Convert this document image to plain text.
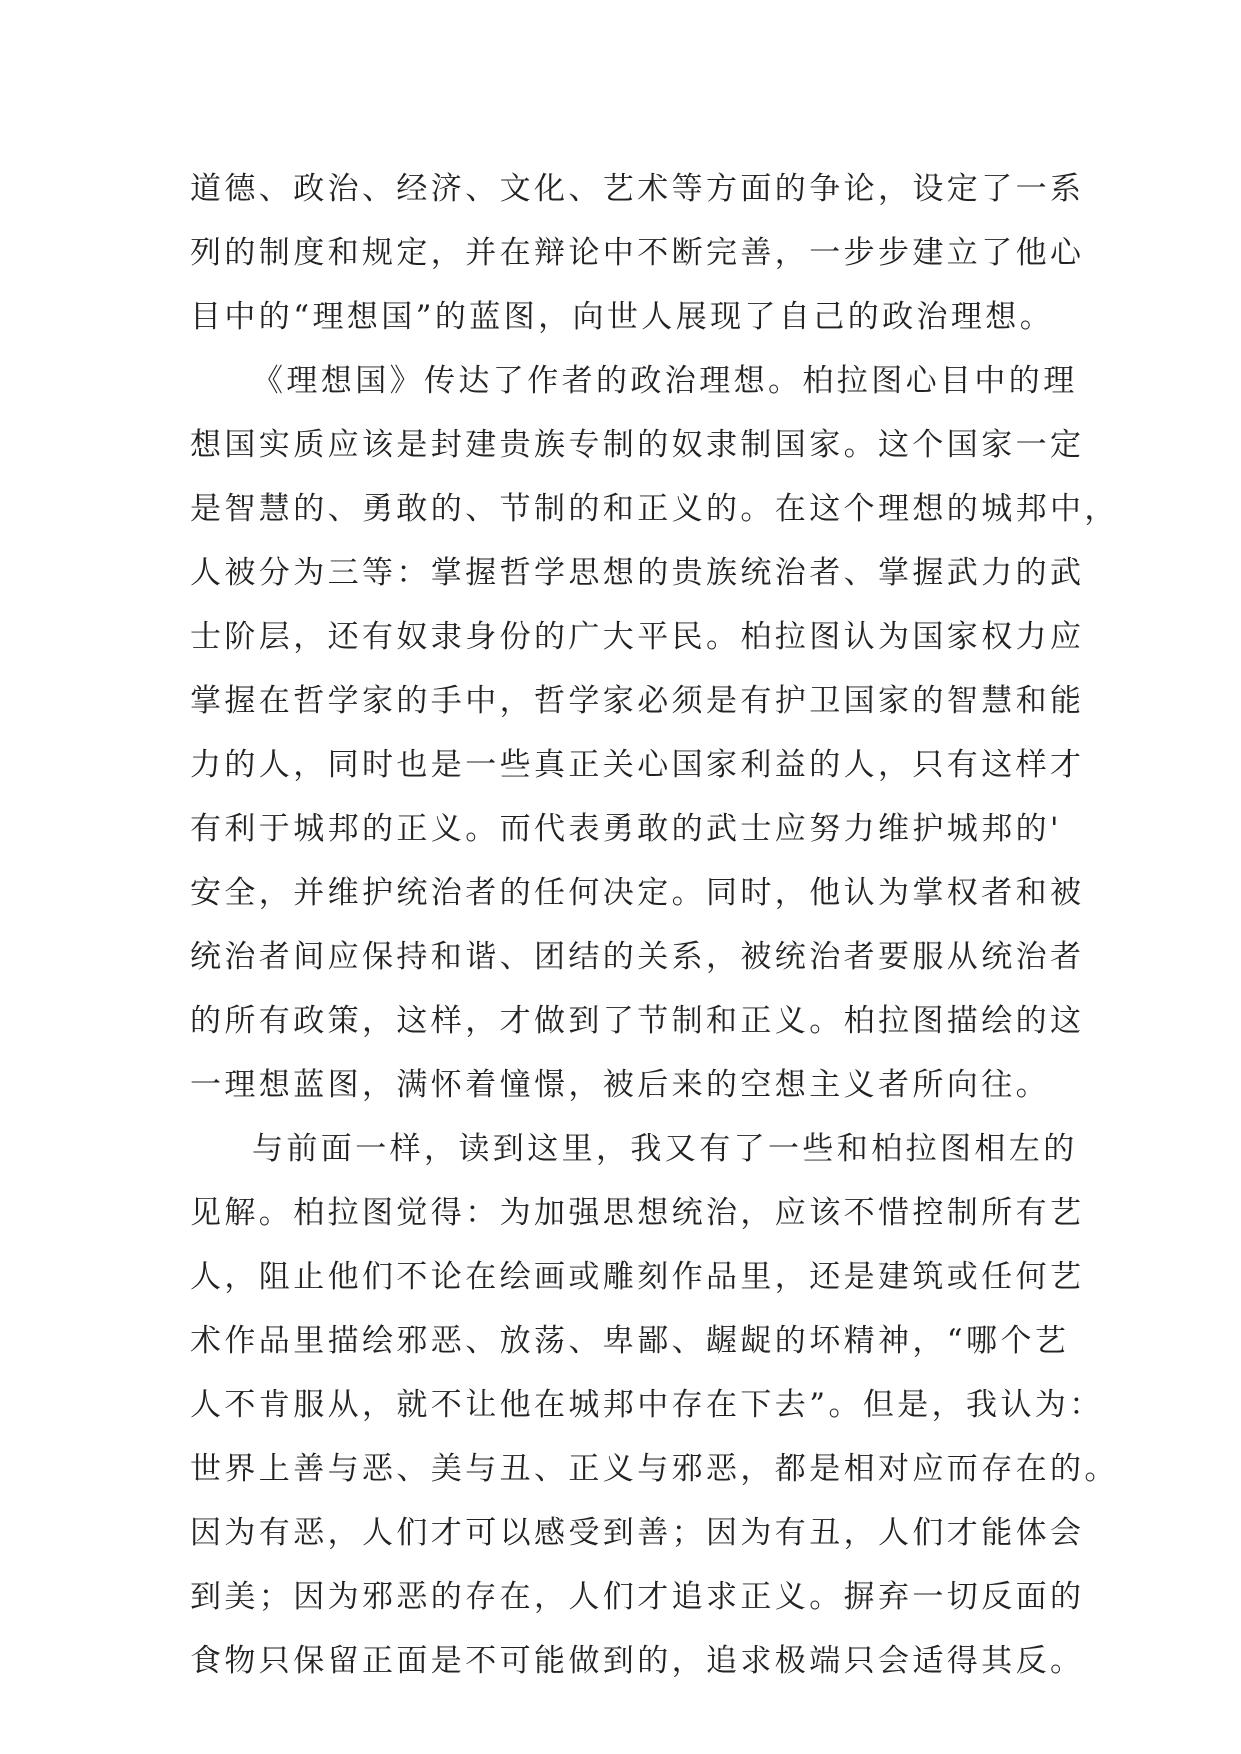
道德、政治、经济、文化、艺术等方面的争论，设定了一系
列的制度和规定，并在辩论中不断完善，一步步建立了他心
目中的“理想国”的蓝图，向世人展现了自己的政治理想。
《理想国》传达了作者的政治理想。柏拉图心目中的理
想国实质应该是封建贵族专制的奴隶制国家。这个国家一定
是智慧的、勇敢的、节制的和正义的。在这个理想的城邦中，
人被分为三等：掌握哲学思想的贵族统治者、掌握武力的武
士阶层，还有奴隶身份的广大平民。柏拉图认为国家权力应
掌握在哲学家的手中，哲学家必须是有护卫国家的智慧和能
力的人，同时也是一些真正关心国家利益的人，只有这样才
有利于城邦的正义。而代表勇敢的武士应努力维护城邦的'
安全，并维护统治者的任何决定。同时，他认为掌权者和被
统治者间应保持和谐、团结的关系，被统治者要服从统治者
的所有政策，这样，才做到了节制和正义。柏拉图描绘的这
一理想蓝图，满怀着憧憬，被后来的空想主义者所向往。
与前面一样，读到这里，我又有了一些和柏拉图相左的
见解。柏拉图觉得：为加强思想统治，应该不惜控制所有艺
人，阻止他们不论在绘画或雕刻作品里，还是建筑或任何艺
术作品里描绘邪恶、放荡、卑鄙、龌龊的坏精神，“哪个艺
人不肯服从，就不让他在城邦中存在下去”。但是，我认为：
世界上善与恶、美与丑、正义与邪恶，都是相对应而存在的。
因为有恶，人们才可以感受到善；因为有丑，人们才能体会
到美；因为邪恶的存在，人们才追求正义。摒弃一切反面的
食物只保留正面是不可能做到的，追求极端只会适得其反。
